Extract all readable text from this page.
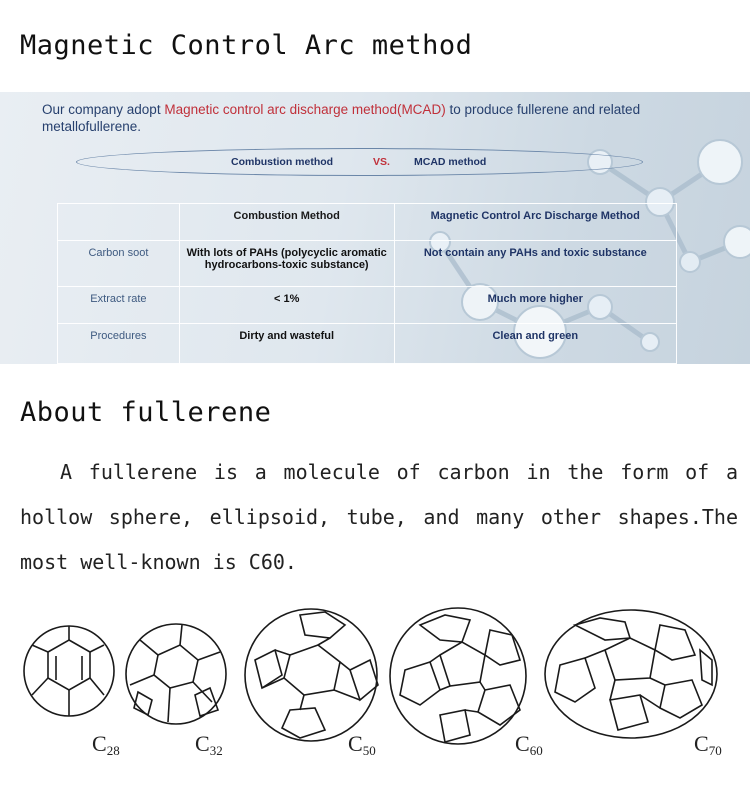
Magnetic Control Arc method

Our company adopt Magnetic control arc discharge method(MCAD) to produce fullerene and related metallofullerene.

Combustion method	VS. MCAD method
	Combustion Method	Magnetic Control Arc Discharge Method
Carbon soot	With lots of PAHs (polycyclic aromatic hydrocarbons-toxic substance)	Not contain any PAHs and toxic substance
Extract rate	< 1%	Much more higher
Procedures	Dirty and wasteful	Clean and green
About fullerene

A fullerene is a molecule of carbon in the form of a hollow sphere, ellipsoid, tube, and many other shapes.The most well-known is C60.

$C_{28}$	$C_{32}$	$C_{50}$	$C_{60}$	$C_{70}$
